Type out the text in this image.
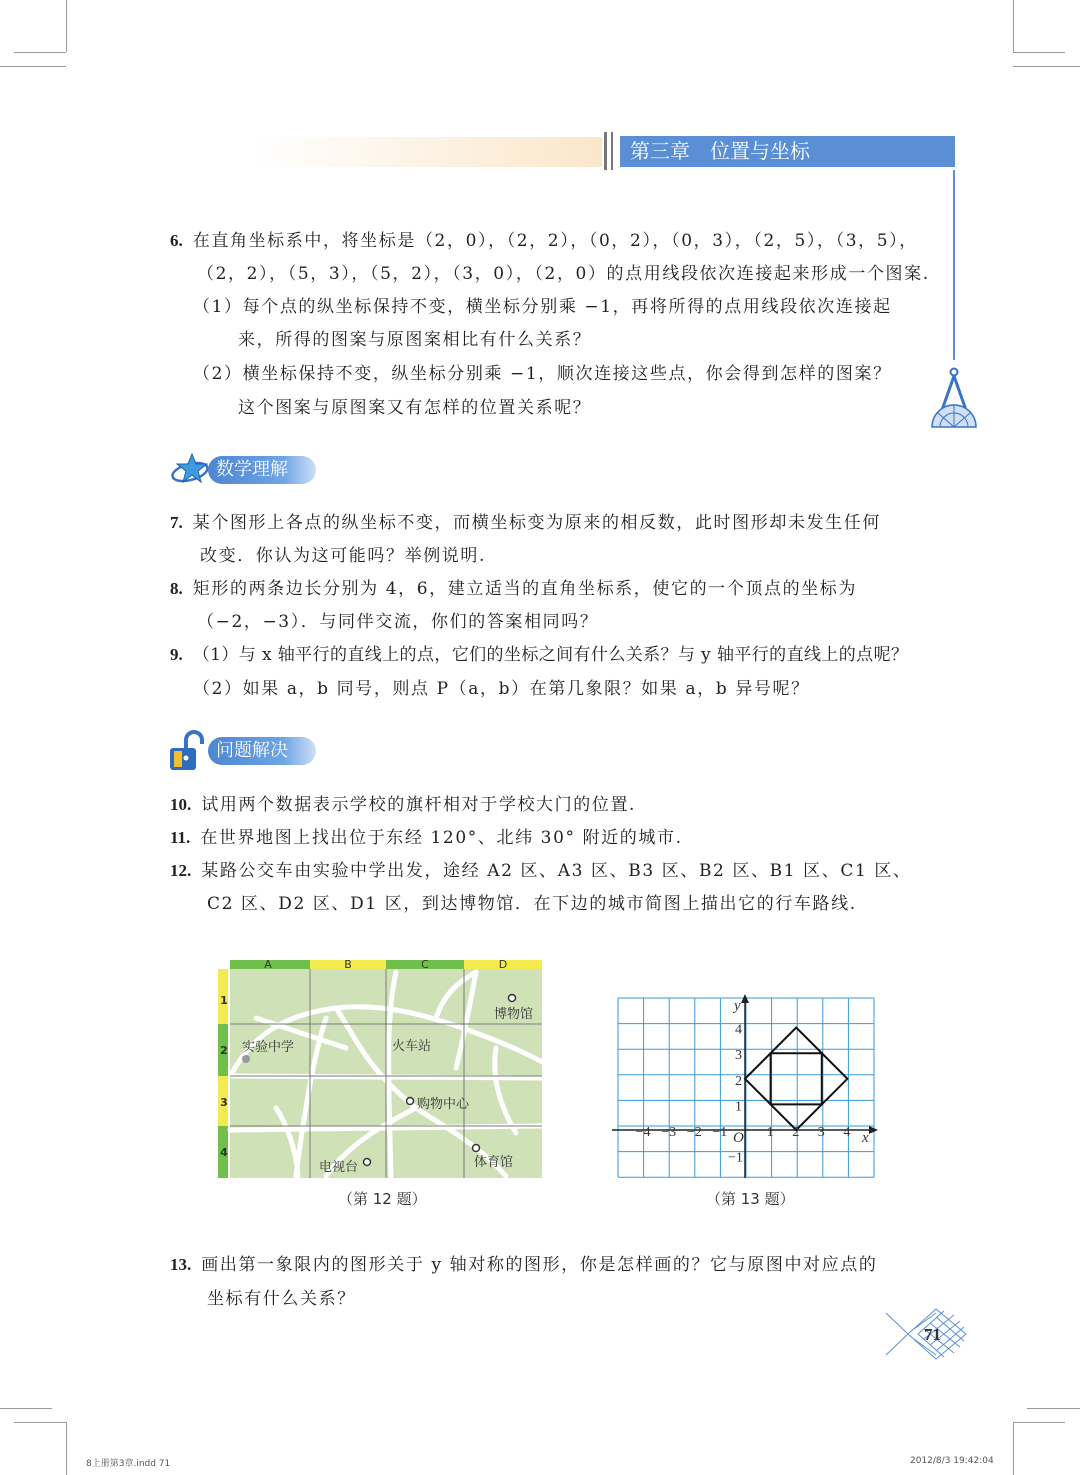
第三章 位置与坐标
6. 在直角坐标系中，将坐标是（2，0），（2，2），（0，2），（0，3），（2，5），（3，5），
（2，2），（5，3），（5，2），（3，0），（2，0）的点用线段依次连接起来形成一个图案.
（1）每个点的纵坐标保持不变，横坐标分别乘 −1，再将所得的点用线段依次连接起
来，所得的图案与原图案相比有什么关系？
（2）横坐标保持不变，纵坐标分别乘 −1，顺次连接这些点，你会得到怎样的图案？
这个图案与原图案又有怎样的位置关系呢？
数学理解
7. 某个图形上各点的纵坐标不变，而横坐标变为原来的相反数，此时图形却未发生任何
改变．你认为这可能吗？举例说明.
8. 矩形的两条边长分别为 4，6，建立适当的直角坐标系，使它的一个顶点的坐标为
（−2，−3）．与同伴交流，你们的答案相同吗？
9. （1）与 x 轴平行的直线上的点，它们的坐标之间有什么关系？与 y 轴平行的直线上的点呢？
（2）如果 a，b 同号，则点 P（a，b）在第几象限？如果 a，b 异号呢？
问题解决
10. 试用两个数据表示学校的旗杆相对于学校大门的位置.
11. 在世界地图上找出位于东经 120°、北纬 30° 附近的城市.
12. 某路公交车由实验中学出发，途经 A2 区、A3 区、B3 区、B2 区、B1 区、C1 区、
C2 区、D2 区、D1 区，到达博物馆．在下边的城市简图上描出它的行车路线.
A	B	C	D
1
2
3
4
博物馆
实验中学	火车站
购物中心
电视台	体育馆
（第 12 题）
−4 −3 −2 −1	1 2 3 4
4
3
2
1
−1
x
y
O
（第 13 题）
13. 画出第一象限内的图形关于 y 轴对称的图形，你是怎样画的？它与原图中对应点的
坐标有什么关系？
71
8上册第3章.indd 71	2012/8/3 19:42:04
